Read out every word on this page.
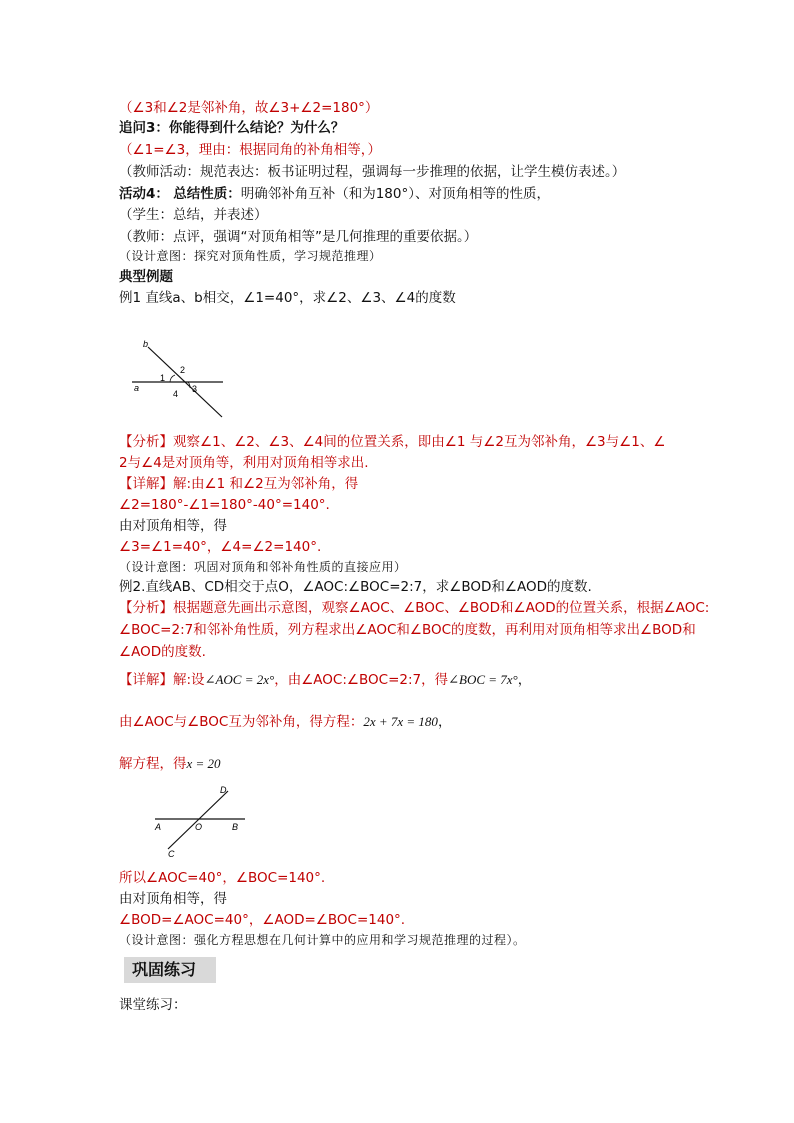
（∠3和∠2是邻补角，故∠3+∠2=180°）
追问3：你能得到什么结论？为什么？
（∠1=∠3，理由：根据同角的补角相等，）
（教师活动：规范表达：板书证明过程，强调每一步推理的依据，让学生模仿表述。）
活动4： 总结性质：明确邻补角互补（和为180°）、对顶角相等的性质，
（学生：总结，并表述）
（教师：点评，强调“对顶角相等”是几何推理的重要依据。）
（设计意图：探究对顶角性质，学习规范推理）
典型例题
例1 直线a、b相交，∠1=40°，求∠2、∠3、∠4的度数
b
a
1
2
3
4
【分析】观察∠1、∠2、∠3、∠4间的位置关系，即由∠1 与∠2互为邻补角，∠3与∠1、∠
2与∠4是对顶角等，利用对顶角相等求出.
【详解】解:由∠1 和∠2互为邻补角，得
∠2=180°-∠1=180°-40°=140°.
由对顶角相等，得
∠3=∠1=40°，∠4=∠2=140°.
（设计意图：巩固对顶角和邻补角性质的直接应用）
例2.直线AB、CD相交于点O，∠AOC:∠BOC=2:7，求∠BOD和∠AOD的度数.
【分析】根据题意先画出示意图，观察∠AOC、∠BOC、∠BOD和∠AOD的位置关系，根据∠AOC:
∠BOC=2:7和邻补角性质，列方程求出∠AOC和∠BOC的度数，再利用对顶角相等求出∠BOD和
∠AOD的度数.
【详解】解:设∠AOC = 2x°，由∠AOC:∠BOC=2:7，得∠BOC = 7x°，
由∠AOC与∠BOC互为邻补角，得方程：2x + 7x = 180，
解方程，得x = 20
A	B
C
D
O
所以∠AOC=40°，∠BOC=140°.
由对顶角相等，得
∠BOD=∠AOC=40°，∠AOD=∠BOC=140°.
（设计意图：强化方程思想在几何计算中的应用和学习规范推理的过程）。
巩固练习
课堂练习：
